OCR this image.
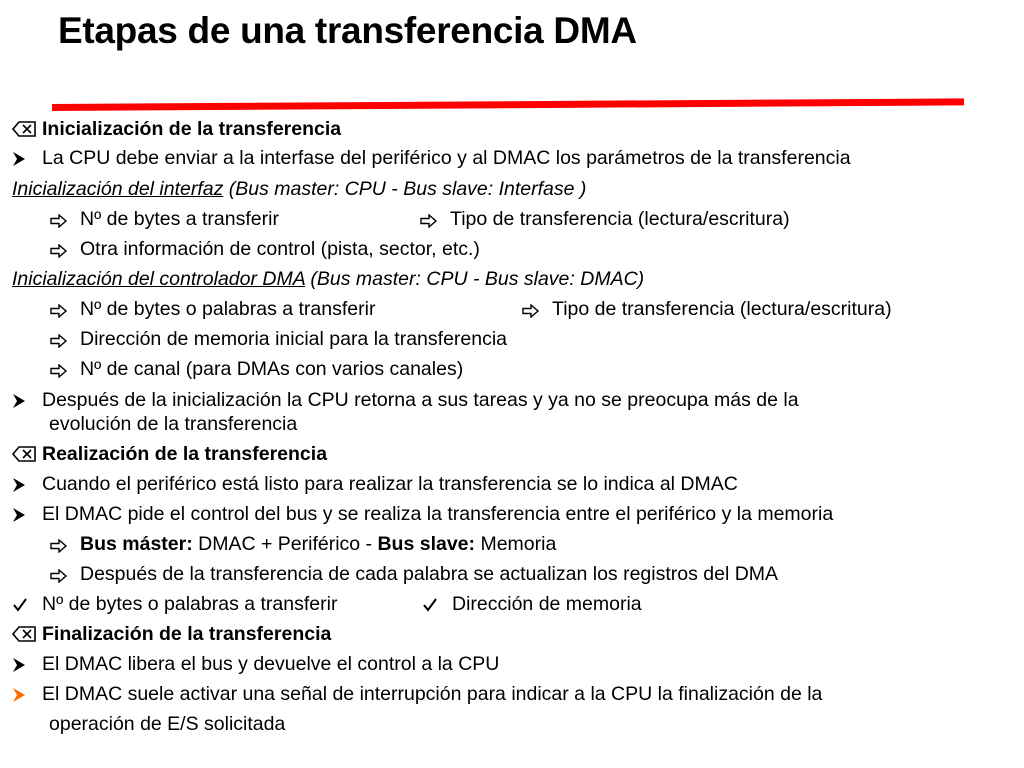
Etapas de una transferencia DMA
Inicialización de la transferencia
La CPU debe enviar a la interfase del periférico y al DMAC los parámetros de la transferencia
Inicialización del interfaz (Bus master: CPU - Bus slave: Interfase )
Nº de bytes a transferir	Tipo de transferencia (lectura/escritura)
Otra información de control (pista, sector, etc.)
Inicialización del controlador DMA (Bus master: CPU - Bus slave: DMAC)
Nº de bytes o palabras a transferir	Tipo de transferencia (lectura/escritura)
Dirección de memoria inicial para la transferencia
Nº de canal (para DMAs con varios canales)
Después de la inicialización la CPU retorna a sus tareas y ya no se preocupa más de la
evolución de la transferencia
Realización de la transferencia
Cuando el periférico está listo para realizar la transferencia se lo indica al DMAC
El DMAC pide el control del bus y se realiza la transferencia entre el periférico y la memoria
Bus máster: DMAC + Periférico - Bus slave: Memoria
Después de la transferencia de cada palabra se actualizan los registros del DMA
Nº de bytes o palabras a transferir	Dirección de memoria
Finalización de la transferencia
El DMAC libera el bus y devuelve el control a la CPU
El DMAC suele activar una señal de interrupción para indicar a la CPU la finalización de la
operación de E/S solicitada
